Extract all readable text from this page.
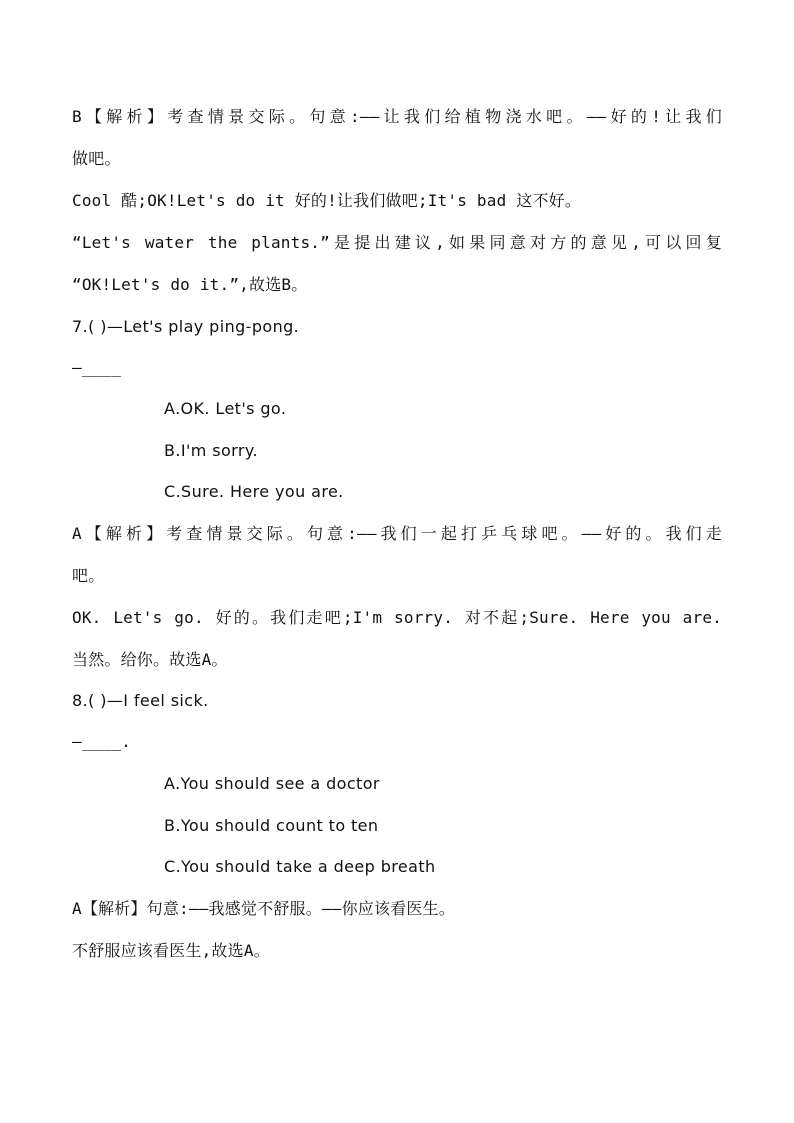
B【解析】考查情景交际。句意:——让我们给植物浇水吧。——好的!让我们
做吧。
Cool 酷;OK!Let's do it 好的!让我们做吧;It's bad 这不好。
“Let's water the plants.”是提出建议,如果同意对方的意见,可以回复
“OK!Let's do it.”,故选B。
7.( )—Let's play ping-pong.
—____
A.OK. Let's go.
B.I'm sorry.
C.Sure. Here you are.
A【解析】考查情景交际。句意:——我们一起打乒乓球吧。——好的。我们走
吧。
OK. Let's go. 好的。我们走吧;I'm sorry. 对不起;Sure. Here you are.
当然。给你。故选A。
8.( )—I feel sick.
—____.
A.You should see a doctor
B.You should count to ten
C.You should take a deep breath
A【解析】句意:——我感觉不舒服。——你应该看医生。
不舒服应该看医生,故选A。
